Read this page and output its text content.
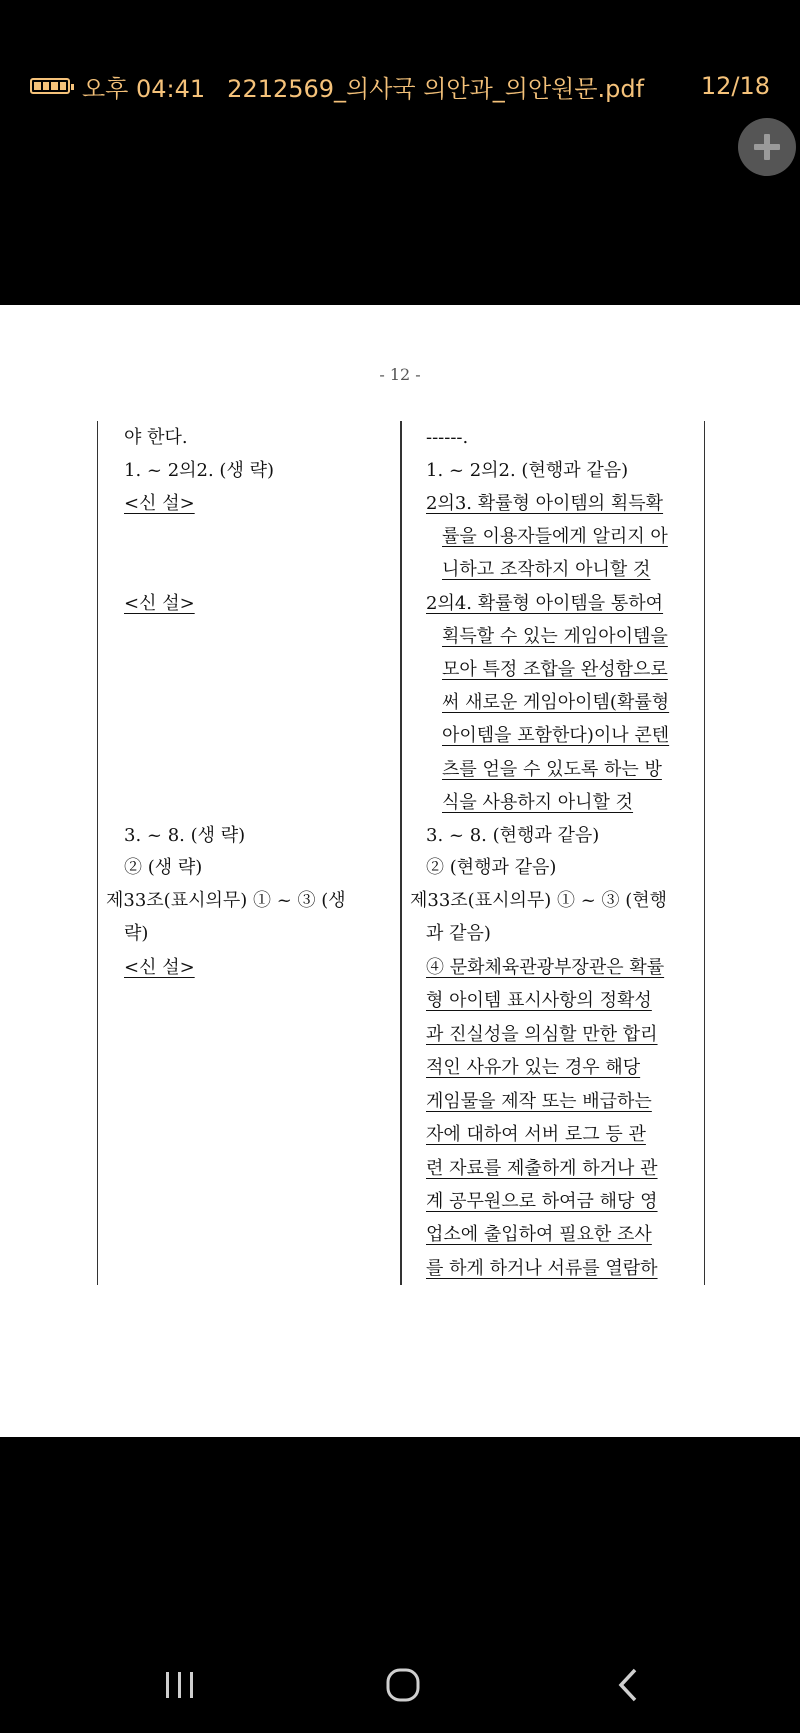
오후 04:41 2212569_의사국 의안과_의안원문.pdf 12/18
- 12 -
야 한다.
1. ~ 2의2. (생 략)
<신 설>
<신 설>
3. ~ 8. (생 략)
② (생 략)
제33조(표시의무) ① ~ ③ (생
략)
<신 설>
------.
1. ~ 2의2. (현행과 같음)
2의3. 확률형 아이템의 획득확
률을 이용자들에게 알리지 아
니하고 조작하지 아니할 것
2의4. 확률형 아이템을 통하여
획득할 수 있는 게임아이템을
모아 특정 조합을 완성함으로
써 새로운 게임아이템(확률형
아이템을 포함한다)이나 콘텐
츠를 얻을 수 있도록 하는 방
식을 사용하지 아니할 것
3. ~ 8. (현행과 같음)
② (현행과 같음)
제33조(표시의무) ① ~ ③ (현행
과 같음)
④ 문화체육관광부장관은 확률
형 아이템 표시사항의 정확성
과 진실성을 의심할 만한 합리
적인 사유가 있는 경우 해당
게임물을 제작 또는 배급하는
자에 대하여 서버 로그 등 관
련 자료를 제출하게 하거나 관
계 공무원으로 하여금 해당 영
업소에 출입하여 필요한 조사
를 하게 하거나 서류를 열람하
